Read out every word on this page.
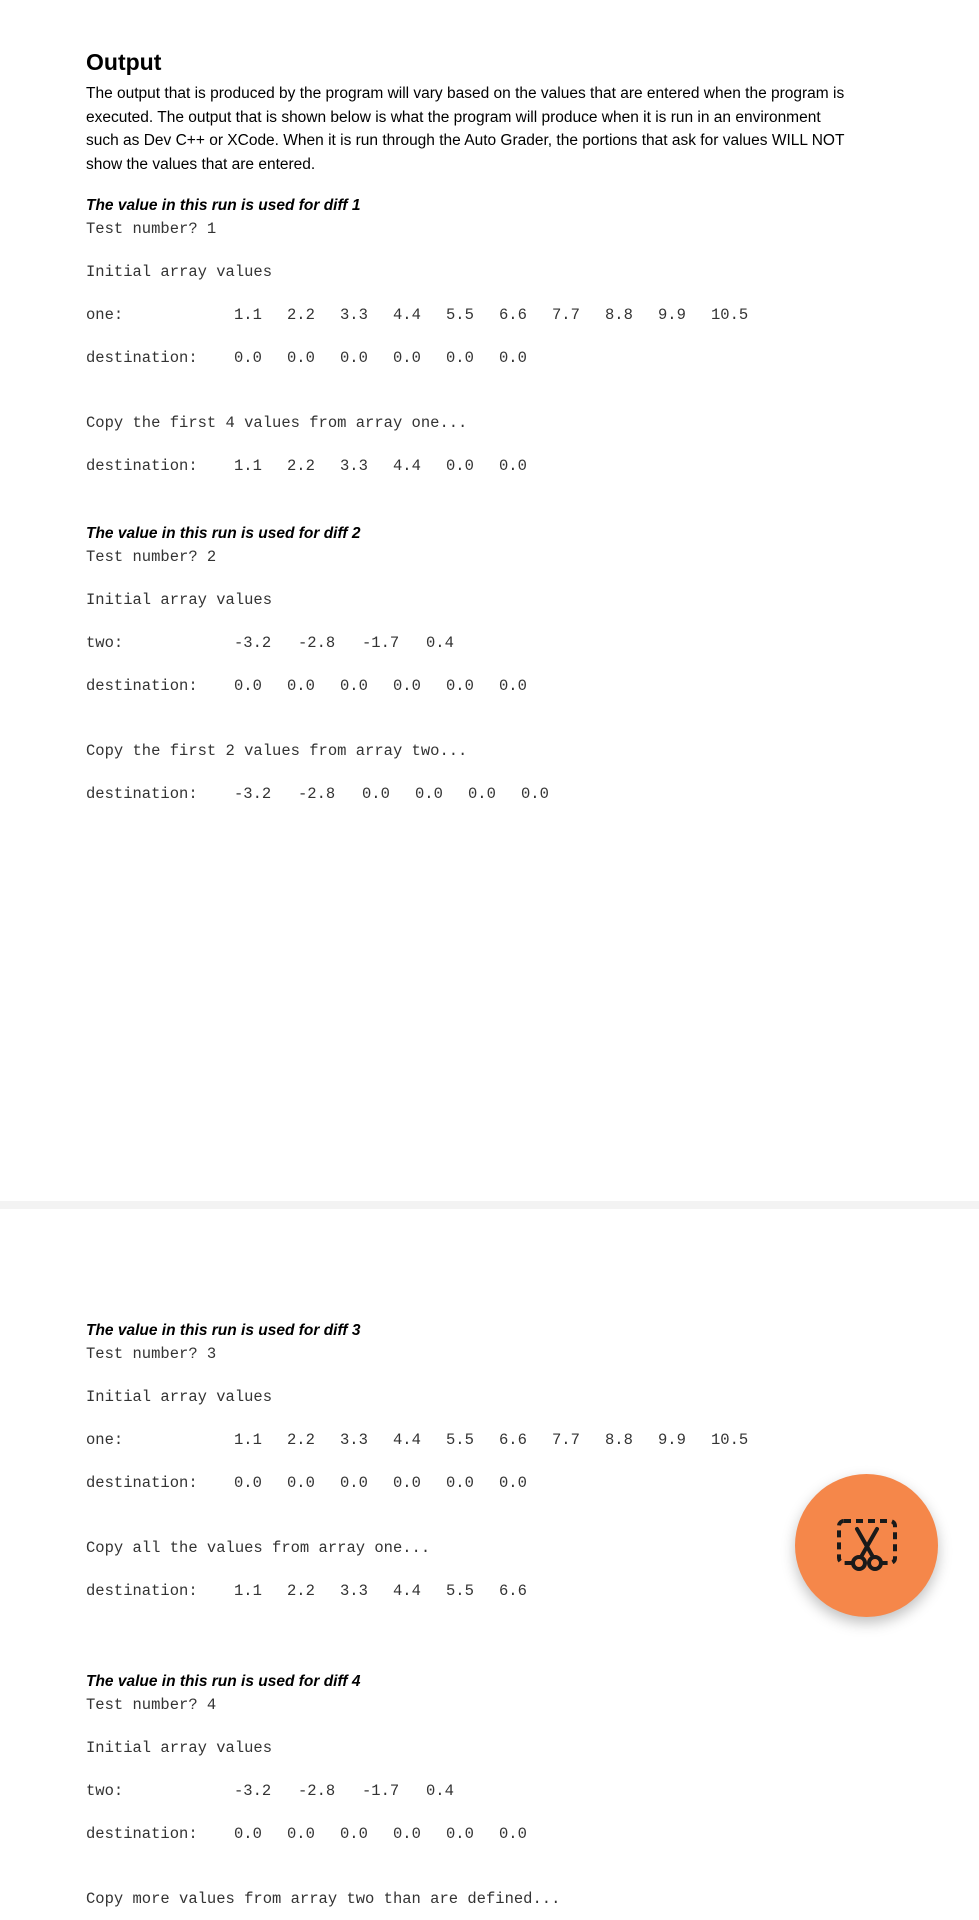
Output
The output that is produced by the program will vary based on the values that are entered when the program is
executed. The output that is shown below is what the program will produce when it is run in an environment
such as Dev C++ or XCode. When it is run through the Auto Grader, the portions that ask for values WILL NOT
show the values that are entered.
The value in this run is used for diff 1
Test number? 1
Initial array values
one:	1.1 2.2 3.3 4.4 5.5 6.6 7.7 8.8 9.9 10.5
destination: 0.0 0.0 0.0 0.0 0.0 0.0
Copy the first 4 values from array one...
destination: 1.1 2.2 3.3 4.4 0.0 0.0
The value in this run is used for diff 2
Test number? 2
Initial array values
two:	-3.2 -2.8 -1.7 0.4
destination: 0.0 0.0 0.0 0.0 0.0 0.0
Copy the first 2 values from array two...
destination: -3.2 -2.8 0.0 0.0 0.0 0.0
The value in this run is used for diff 3
Test number? 3
Initial array values
one:	1.1 2.2 3.3 4.4 5.5 6.6 7.7 8.8 9.9 10.5
destination: 0.0 0.0 0.0 0.0 0.0 0.0
Copy all the values from array one...
destination: 1.1 2.2 3.3 4.4 5.5 6.6
The value in this run is used for diff 4
Test number? 4
Initial array values
two:	-3.2 -2.8 -1.7 0.4
destination: 0.0 0.0 0.0 0.0 0.0 0.0
Copy more values from array two than are defined...
